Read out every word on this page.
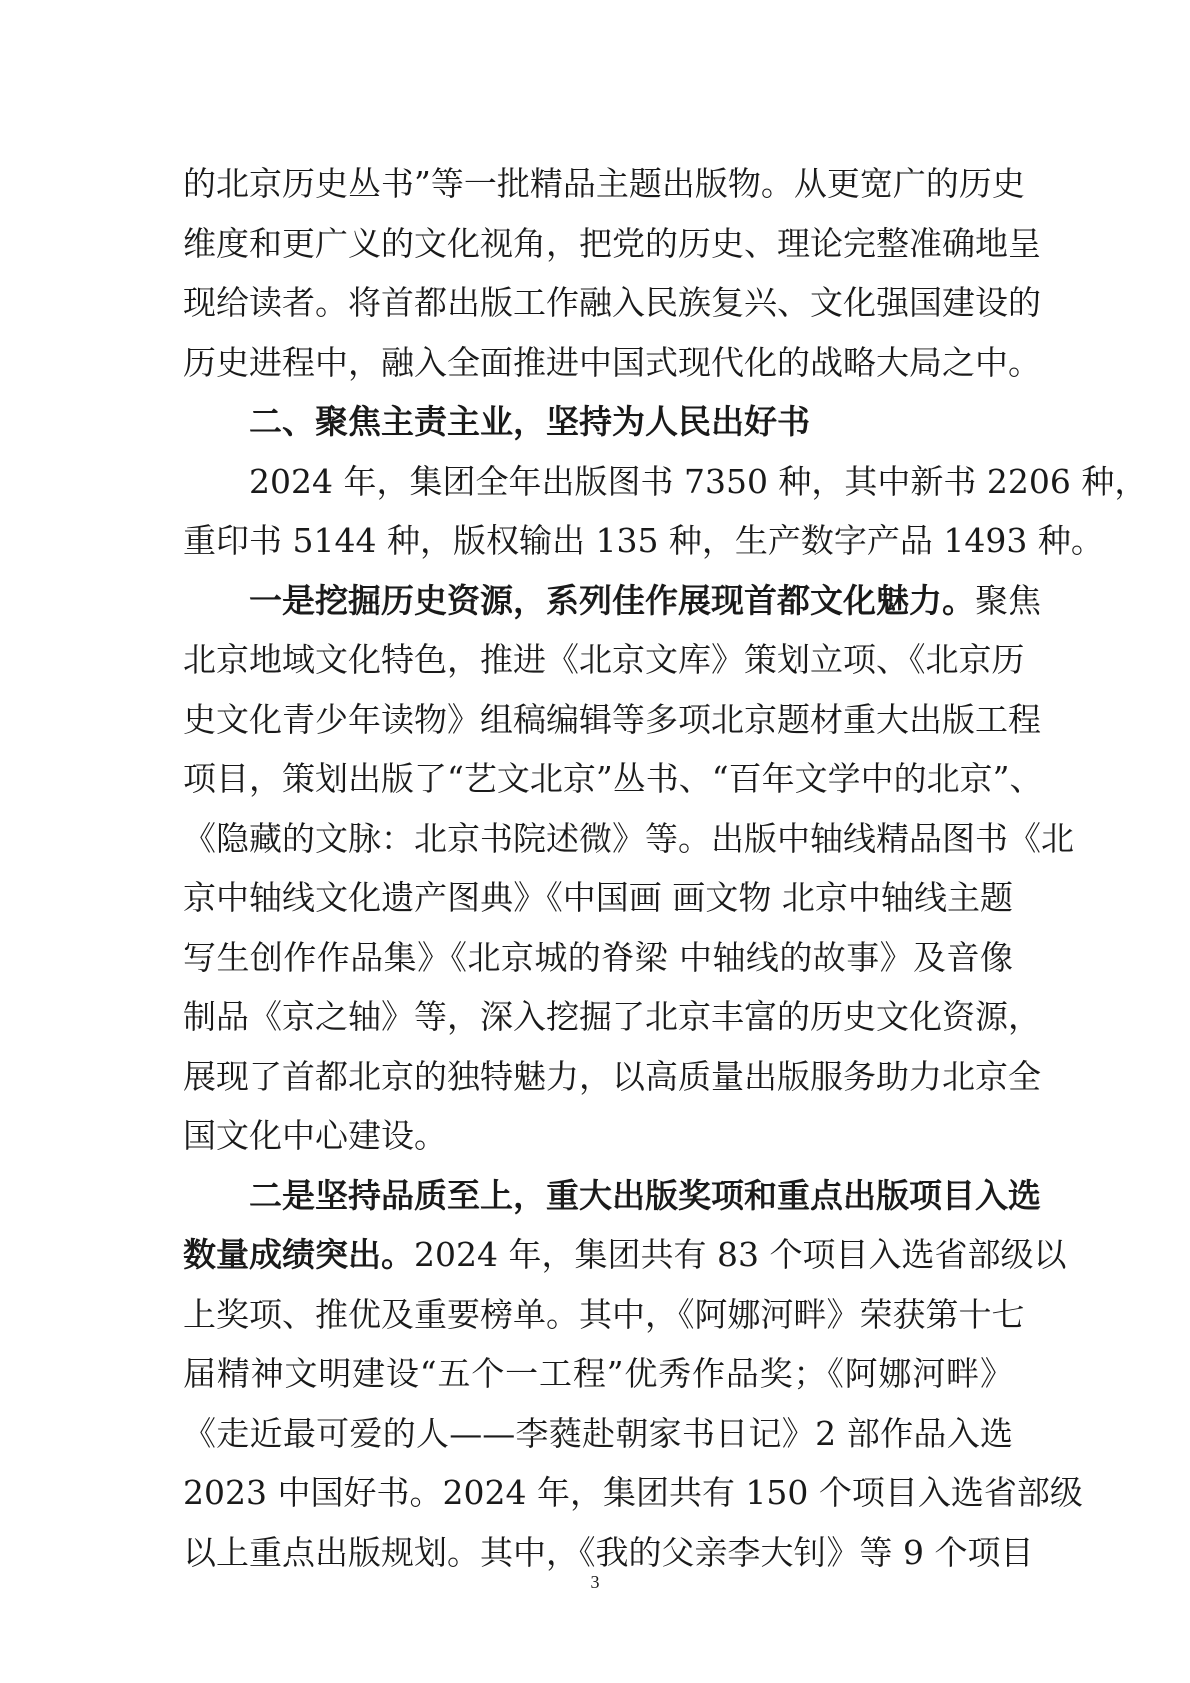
的北京历史丛书”等一批精品主题出版物。从更宽广的历史
维度和更广义的文化视角，把党的历史、理论完整准确地呈
现给读者。将首都出版工作融入民族复兴、文化强国建设的
历史进程中，融入全面推进中国式现代化的战略大局之中。
二、聚焦主责主业，坚持为人民出好书
2024 年，集团全年出版图书 7350 种，其中新书 2206 种，
重印书 5144 种，版权输出 135 种，生产数字产品 1493 种。
一是挖掘历史资源，系列佳作展现首都文化魅力。聚焦
北京地域文化特色，推进《北京文库》策划立项、《北京历
史文化青少年读物》组稿编辑等多项北京题材重大出版工程
项目，策划出版了“艺文北京”丛书、“百年文学中的北京”、
《隐藏的文脉：北京书院述微》等。出版中轴线精品图书《北
京中轴线文化遗产图典》《中国画 画文物 北京中轴线主题
写生创作作品集》《北京城的脊梁 中轴线的故事》及音像
制品《京之轴》等，深入挖掘了北京丰富的历史文化资源，
展现了首都北京的独特魅力，以高质量出版服务助力北京全
国文化中心建设。
二是坚持品质至上，重大出版奖项和重点出版项目入选
数量成绩突出。2024 年，集团共有 83 个项目入选省部级以
上奖项、推优及重要榜单。其中，《阿娜河畔》荣获第十七
届精神文明建设“五个一工程”优秀作品奖；《阿娜河畔》
《走近最可爱的人——李蕤赴朝家书日记》2 部作品入选
2023 中国好书。2024 年，集团共有 150 个项目入选省部级
以上重点出版规划。其中，《我的父亲李大钊》等 9 个项目
3
